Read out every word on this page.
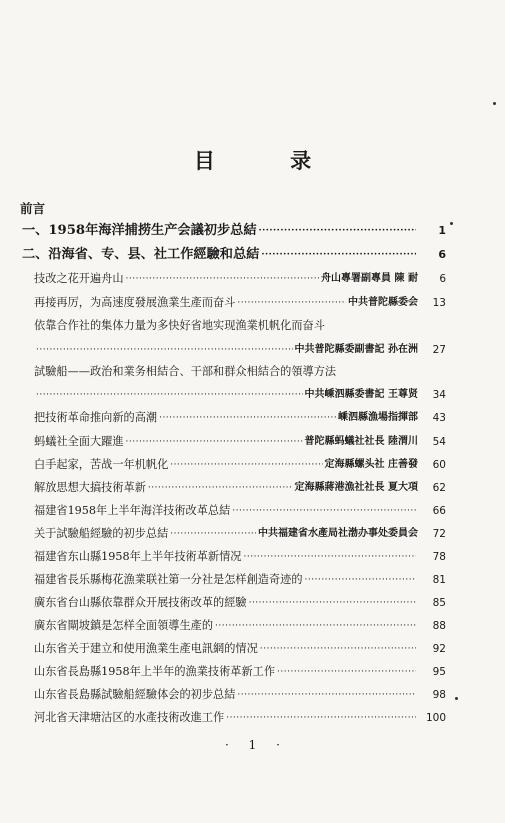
目 录
前言
一、1958年海洋捕捞生产会議初步总結 ·····	1
二、沿海省、专、县、社工作經驗和总結 ·····	6
技改之花开遍舟山 ·····	舟山專署副專員 陳 耐	6
再接再厉，为高速度發展漁業生產而奋斗 ·····	中共普陀縣委会	13
依靠合作社的集体力量为多快好省地实现渔業机帆化而奋斗
·····
中共普陀縣委副書記 孙在洲	27
試驗船——政治和業务相結合、干部和群众相結合的領導方法
·····
中共嵊泗縣委書記 王尊贤	34
把技術革命推向新的高潮 ·····	嵊泗縣漁場指揮部	43
蚂蟻社全面大躍進 ·····	普陀縣蚂蟻社社長 陸渭川	54
白手起家，苦战一年机帆化 ·····	定海縣螺头社 庄善發	60
解放思想大搞技術革新 ·····	定海縣蔣港漁社社長 夏大項	62
福建省1958年上半年海洋技術改革总結 ·····	66
关于試驗船經驗的初步总結 ·····	中共福建省水產局社渤办事处委員会	72
福建省东山縣1958年上半年技術革新情况 ·····	78
福建省長乐縣梅花漁業联社第一分社是怎样創造奇迹的 ·····	81
廣东省台山縣依靠群众开展技術改革的經驗 ·····	85
廣东省閘坡鎮是怎样全面領導生產的 ·····	88
山东省关于建立和使用漁業生產电訊網的情况 ·····	92
山东省長島縣1958年上半年的漁業技術革新工作 ·····	95
山东省長島縣試驗船經驗体会的初步总結 ·····	98
河北省天津塘沽区的水產技術改進工作 ·····	100
· 1 ·
